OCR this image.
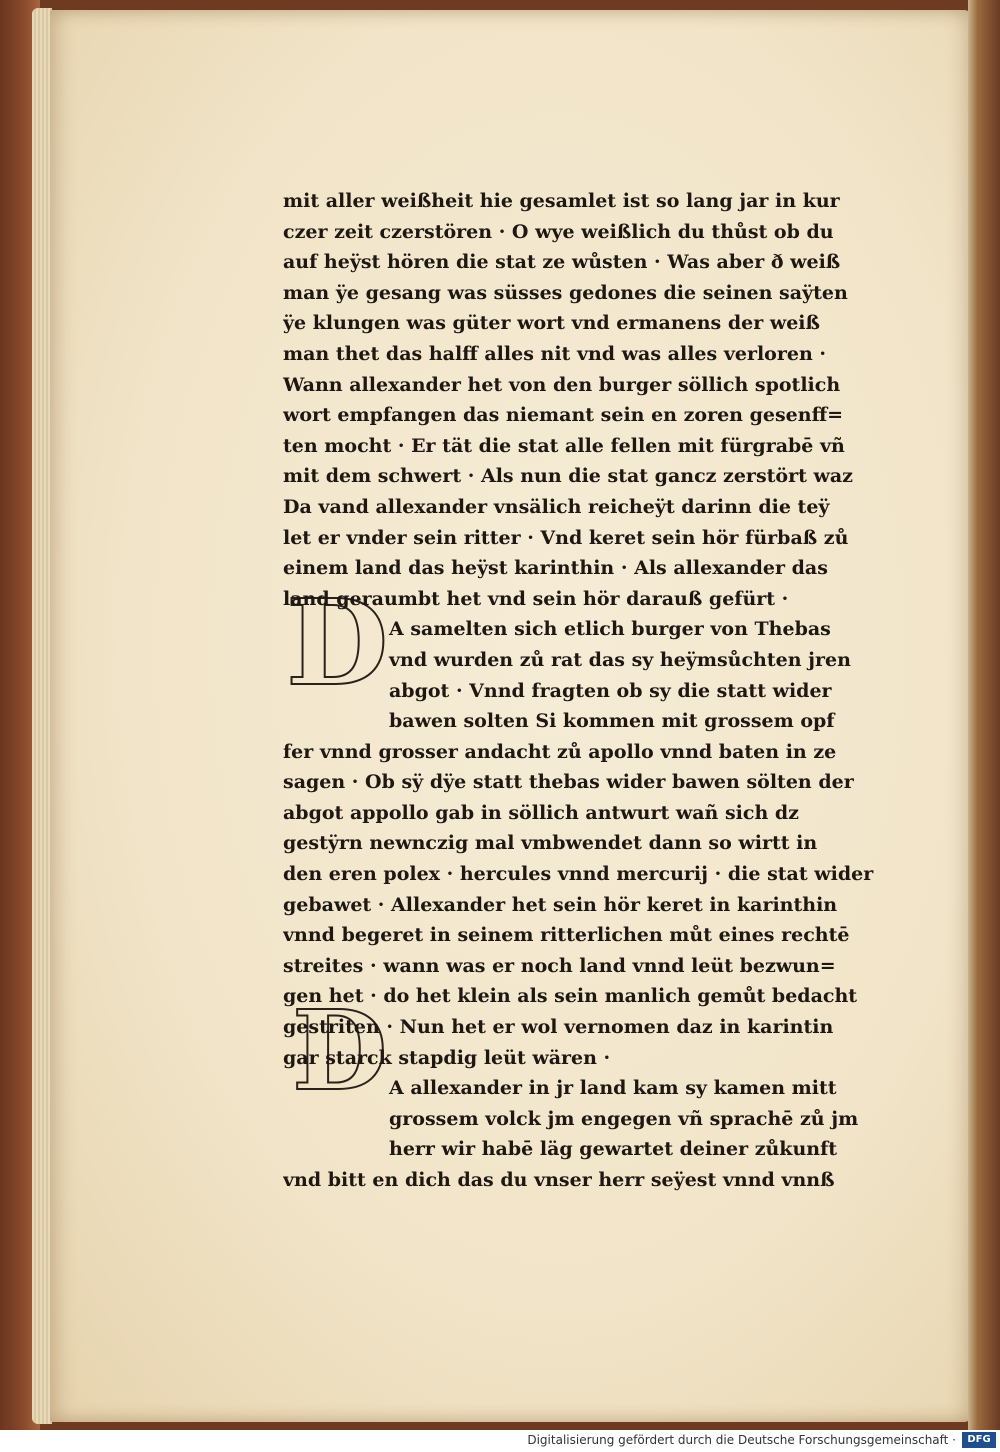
D
D
mit aller weißheit hie gesamlet ist so lang jar in kur
czer zeit czerstören · O wye weißlich du thůst ob du
auf heÿst hören die stat ze wůsten · Was aber ð weiß
man ÿe gesang was süsses gedones die seinen saÿten
ÿe klungen was güter wort vnd ermanens der weiß
man thet das halff alles nit vnd was alles verloren ·
Wann allexander het von den burger söllich spotlich
wort empfangen das niemant sein en zoren gesenff=
ten mocht · Er tät die stat alle fellen mit fürgrabē vñ
mit dem schwert · Als nun die stat gancz zerstört waz
Da vand allexander vnsälich reicheÿt darinn die teÿ
let er vnder sein ritter · Vnd keret sein hör fürbaß zů
einem land das heÿst karinthin · Als allexander das
land geraumbt het vnd sein hör darauß gefürt ·
A samelten sich etlich burger von Thebas
vnd wurden zů rat das sy heÿmsůchten jren
abgot · Vnnd fragten ob sy die statt wider
bawen solten Si kommen mit grossem opf
fer vnnd grosser andacht zů apollo vnnd baten in ze
sagen · Ob sÿ dÿe statt thebas wider bawen sölten der
abgot appollo gab in söllich antwurt wañ sich dz
gestÿrn newnczig mal vmbwendet dann so wirtt in
den eren polex · hercules vnnd mercurij · die stat wider
gebawet · Allexander het sein hör keret in karinthin
vnnd begeret in seinem ritterlichen můt eines rechtē
streites · wann was er noch land vnnd leüt bezwun=
gen het · do het klein als sein manlich gemůt bedacht
gestriten · Nun het er wol vernomen daz in karintin
gar starck stapdig leüt wären ·
A allexander in jr land kam sy kamen mitt
grossem volck jm engegen vñ sprachē zů jm
herr wir habē läg gewartet deiner zůkunft
vnd bitt en dich das du vnser herr seÿest vnnd vnnß
Digitalisierung gefördert durch die Deutsche Forschungsgemeinschaft ·	DFG
